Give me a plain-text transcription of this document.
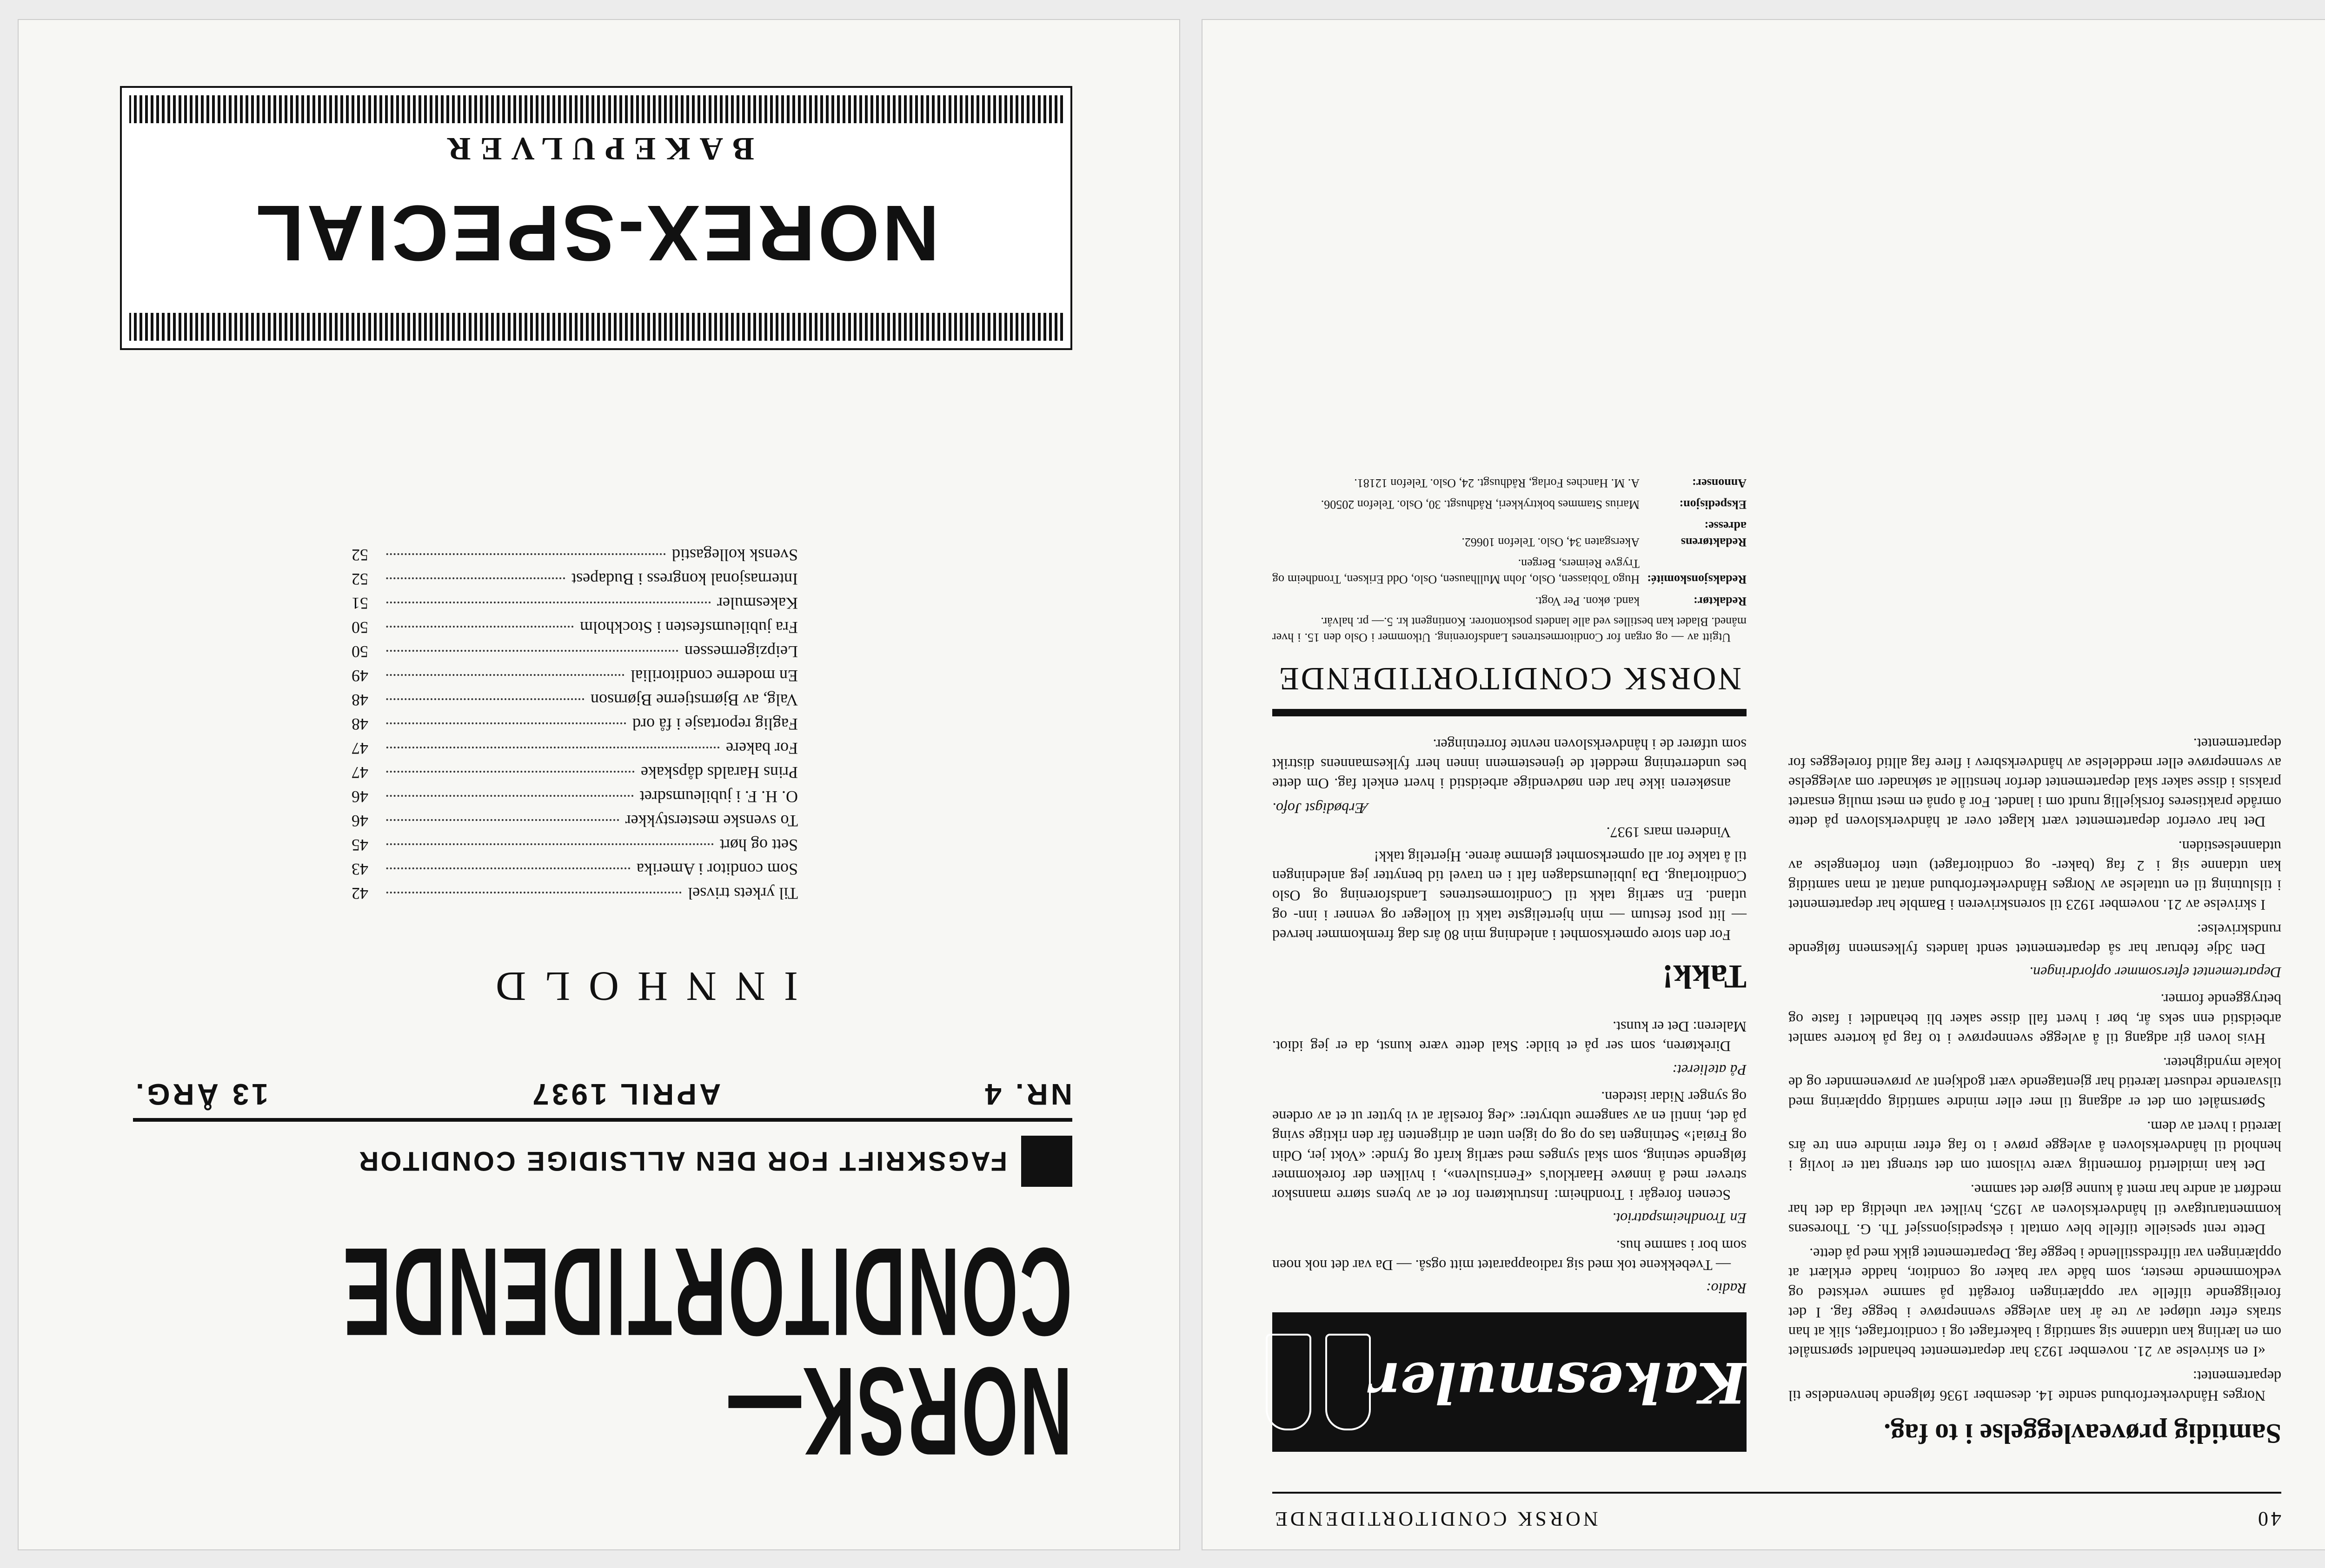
40
NORSK CONDITORTIDENDE
Samtidig prøveavleggelse i to fag.

Norges Håndverkerforbund sendte 14. desember 1936 følgende henvendelse til departementet:

«I en skrivelse av 21. november 1923 har departementet behandlet spørsmålet om en lærling kan utdanne sig samtidig i bakerfaget og i conditorfaget, slik at han straks efter utløpet av tre år kan avlegge svenneprøve i begge fag. I det foreliggende tilfelle var opplæringen foregått på samme verksted og vedkommende mester, som både var baker og conditor, hadde erklært at opplæringen var tilfredsstillende i begge fag. Departementet gikk med på dette.

Dette rent spesielle tilfelle blev omtalt i ekspedisjonssjef Th. G. Thoresens kommentarutgave til håndverksloven av 1925, hvilket var uheldig da det har medført at andre har ment å kunne gjøre det samme.

Det kan imidlertid formentlig være tvilsomt om det strengt tatt er lovlig i henhold til håndverksloven å avlegge prøve i to fag efter mindre enn tre års læretid i hvert av dem.

Spørsmålet om det er adgang til mer eller mindre samtidig opplæring med tilsvarende redusert læretid har gjentagende vært godkjent av prøvenemnder og de lokale myndigheter.

Hvis loven gir adgang til å avlegge svenneprøve i to fag på kortere samlet arbeidstid enn seks år, bør i hvert fall disse saker bli behandlet i faste og betryggende former.

Departementet eftersommer opfordringen.

Den 3dje februar har så departementet sendt landets fylkesmenn følgende rundskrivelse:

I skrivelse av 21. november 1923 til sorenskriveren i Bamble har departementet i tilslutning til en uttalelse av Norges Håndverkerforbund antatt at man samtidig kan utdanne sig i 2 fag (baker- og conditorfaget) uten forlengelse av utdannelsestiden.

Det har overfor departementet vært klaget over at håndverksloven på dette område praktiseres forskjellig rundt om i landet. For å opnå en mest mulig ensartet praksis i disse saker skal departementet derfor henstille at søknader om avleggelse av svenneprøve eller meddelelse av håndverksbrev i flere fag alltid forelegges for departementet.

Kakesmuler

Radio:

— Tvebekkene tok med sig radioapparatet mitt også. — Da var det nok noen som bor i samme hus.

En Trondheimspatriot.

Scenen foregår i Trondheim: Instruktøren for et av byens større mannskor strever med å innøve Haarklou's «Fenrisulven», i hvilken der forekommer følgende setning, som skal synges med særlig kraft og fynde: «Vokt jer, Odin og Frøia!» Setningen tas op og op igjen uten at dirigenten får den riktige sving på det, inntil en av sangerne utbryter: «Jeg foreslår at vi bytter ut et av ordene og synger Nidar isteden.

På atelieret:

Direktøren, som ser på et bilde: Skal dette være kunst, da er jeg idiot. Maleren: Det er kunst.

Takk!

For den store opmerksomhet i anledning min 80 års dag fremkommer herved — litt post festum — min hjerteligste takk til kolleger og venner i inn- og utland. En særlig takk til Conditormestrenes Landsforening og Oslo Conditorlaug. Da jubileumsdagen falt i en travel tid benytter jeg anledningen til å takke for all opmerksomhet glemme årene. Hjertelig takk!

Vinderen mars 1937.

Ærbødigst Jofo.

ansøkeren ikke har den nødvendige arbeidstid i hvert enkelt fag. Om dette bes underretning meddelt de tjenestemenn innen herr fylkesmannens distrikt som utfører de i håndverksloven nevnte forretninger.

NORSK CONDITORTIDENDE

Utgitt av — og organ for Conditormestrenes Landsforening. Utkommer i Oslo den 15. i hver måned. Bladet kan bestilles ved alle landets postkontorer. Kontingent kr. 5.— pr. halvår.

Redaktør:
kand. økon. Per Vogt.
Redaksjonskomité:
Hugo Tobiassen, Oslo, John Mullhausen, Oslo, Odd Eriksen, Trondheim og Trygve Reimers, Bergen.
Redaktørens adresse:
Akersgaten 34, Oslo. Telefon 10662.
Ekspedisjon:
Marius Stammes boktrykkeri, Rådhusgt. 30, Oslo. Telefon 20506.
Annonser:
A. M. Hanches Forlag, Rådhusgt. 24, Oslo. Telefon 12181.
NORSK—
CONDITORTIDENDE
FAGSKRIFT FOR DEN ALLSIDIGE CONDITOR
NR. 4
APRIL 1937
13 ÅRG.
INNHOLD
Til yrkets trivsel
42
Som conditor i Amerika
43
Sett og hørt
45
To svenske mesterstykker
46
O. H. F. i jubileumsdret
46
Prins Haralds dåpskake
47
For bakere
47
Faglig reportasje i få ord
48
Valg, av Bjørnstjerne Bjørnson
48
En moderne conditorilial
49
Leipzigermessen
50
Fra jubileumsfesten i Stockholm
50
Kakesmuler
51
Internasjonal kongress i Budapest
52
Svensk kollegastid
52
NOREX-SPECIAL
BAKEPULVER
